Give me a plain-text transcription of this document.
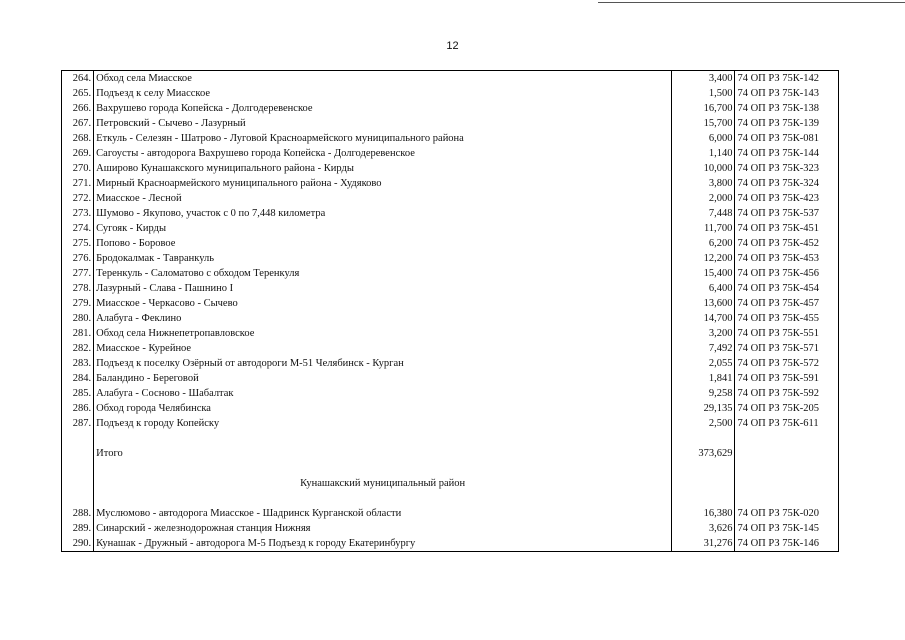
12
264.	Обход села Миасское	3,400	74 ОП РЗ 75К-142
265.	Подъезд к селу Миасское	1,500	74 ОП РЗ 75К-143
266.	Вахрушево города Копейска - Долгодеревенское	16,700	74 ОП РЗ 75К-138
267.	Петровский - Сычево - Лазурный	15,700	74 ОП РЗ 75К-139
268.	Еткуль - Селезян - Шатрово - Луговой Красноармейского муниципального района	6,000	74 ОП РЗ 75К-081
269.	Сагоусты - автодорога Вахрушево города Копейска - Долгодеревенское	1,140	74 ОП РЗ 75К-144
270.	Аширово Кунашакского муниципального района - Кирды	10,000	74 ОП РЗ 75К-323
271.	Мирный Красноармейского муниципального района - Худяково	3,800	74 ОП РЗ 75К-324
272.	Миасское - Лесной	2,000	74 ОП РЗ 75К-423
273.	Шумово - Якупово, участок с 0 по 7,448 километра	7,448	74 ОП РЗ 75К-537
274.	Сугояк - Кирды	11,700	74 ОП РЗ 75К-451
275.	Попово - Боровое	6,200	74 ОП РЗ 75К-452
276.	Бродокалмак - Тавранкуль	12,200	74 ОП РЗ 75К-453
277.	Теренкуль - Саломатово с обходом Теренкуля	15,400	74 ОП РЗ 75К-456
278.	Лазурный - Слава - Пашнино I	6,400	74 ОП РЗ 75К-454
279.	Миасское - Черкасово - Сычево	13,600	74 ОП РЗ 75К-457
280.	Алабуга - Феклино	14,700	74 ОП РЗ 75К-455
281.	Обход села Нижнепетропавловское	3,200	74 ОП РЗ 75К-551
282.	Миасское - Курейное	7,492	74 ОП РЗ 75К-571
283.	Подъезд к поселку Озёрный от автодороги М-51 Челябинск - Курган	2,055	74 ОП РЗ 75К-572
284.	Баландино - Береговой	1,841	74 ОП РЗ 75К-591
285.	Алабуга - Сосново - Шабалтак	9,258	74 ОП РЗ 75К-592
286.	Обход города Челябинска	29,135	74 ОП РЗ 75К-205
287.	Подъезд к городу Копейску	2,500	74 ОП РЗ 75К-611

	Итого	373,629	

	Кунашакский муниципальный район		

288.	Муслюмово - автодорога Миасское - Шадринск Курганской области	16,380	74 ОП РЗ 75К-020
289.	Синарский - железнодорожная станция Нижняя	3,626	74 ОП РЗ 75К-145
290.	Кунашак - Дружный - автодорога М-5 Подъезд к городу Екатеринбургу	31,276	74 ОП РЗ 75К-146
